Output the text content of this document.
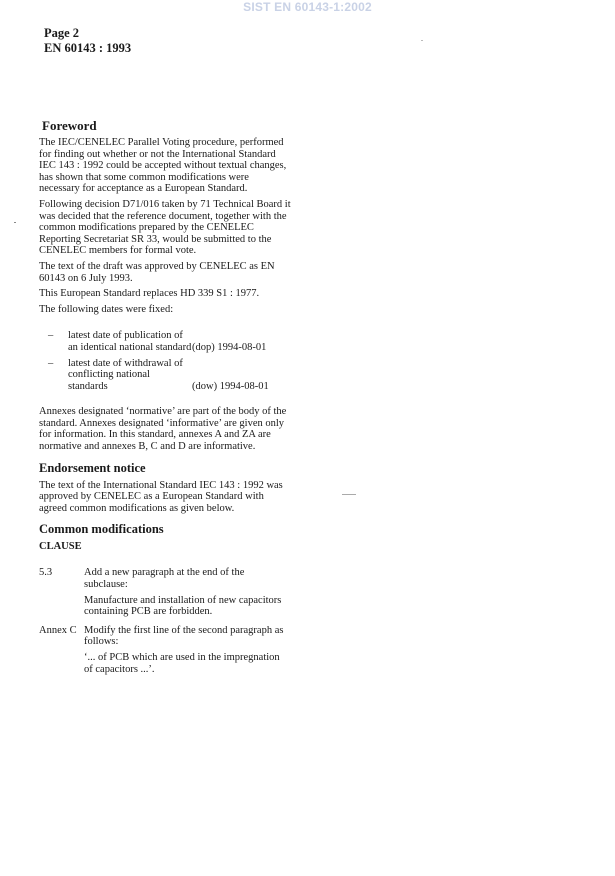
SIST EN 60143-1:2002
Page 2
EN 60143 : 1993
Foreword

The IEC/CENELEC Parallel Voting procedure, performed for finding out whether or not the International Standard IEC 143 : 1992 could be accepted without textual changes, has shown that some common modifications were necessary for acceptance as a European Standard.

Following decision D71/016 taken by 71 Technical Board it was decided that the reference document, together with the common modifications prepared by the CENELEC Reporting Secretariat SR 33, would be submitted to the CENELEC members for formal vote.

The text of the draft was approved by CENELEC as EN 60143 on 6 July 1993.

This European Standard replaces HD 339 S1 : 1977.

The following dates were fixed:

–	latest date of publication of an identical national standard (dop) 1994-08-01
–	latest date of withdrawal of conflicting national standards	(dow) 1994-08-01

Annexes designated ‘normative’ are part of the body of the standard. Annexes designated ‘informative’ are given only for information. In this standard, annexes A and ZA are normative and annexes B, C and D are informative.

Endorsement notice

The text of the International Standard IEC 143 : 1992 was approved by CENELEC as a European Standard with agreed common modifications as given below.

Common modifications
CLAUSE
5.3	Add a new paragraph at the end of the subclause:

Manufacture and installation of new capacitors containing PCB are forbidden.

Annex C Modify the first line of the second paragraph as follows:

‘... of PCB which are used in the impregnation of capacitors ...’.
